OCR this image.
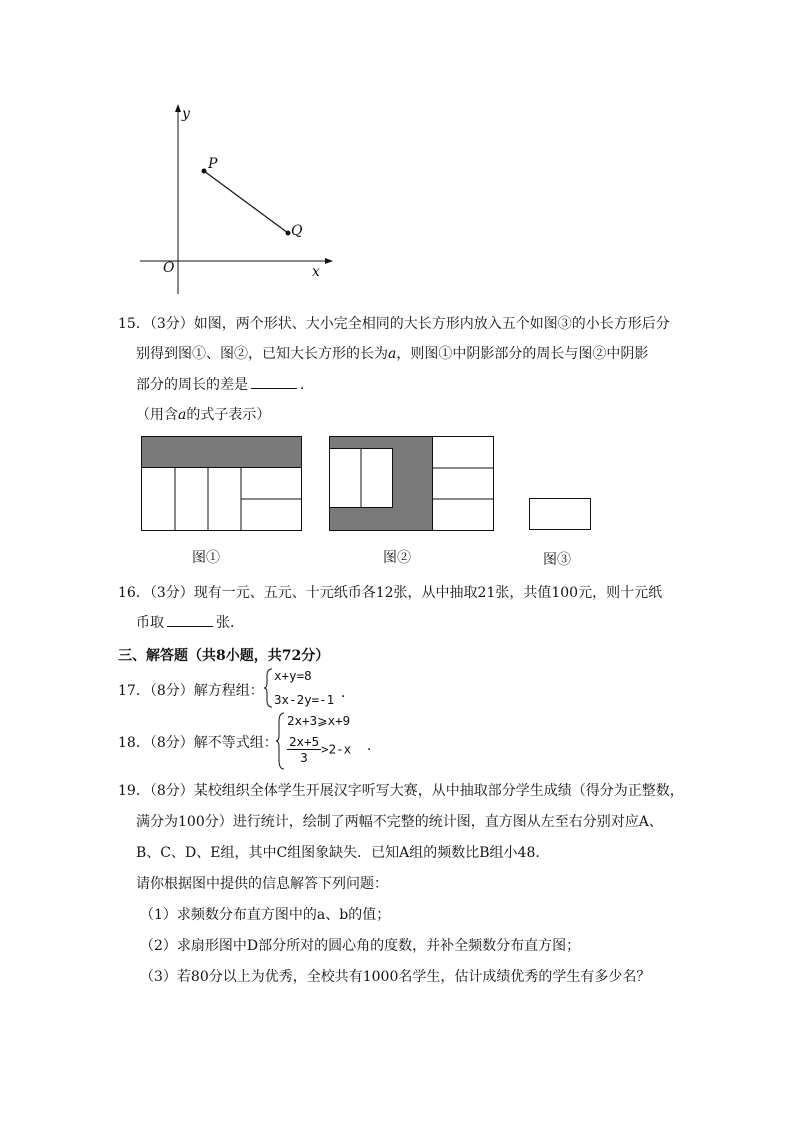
y
P
Q
O	x
15．（3分）如图，两个形状、大小完全相同的大长方形内放入五个如图③的小长方形后分
别得到图①、图②，已知大长方形的长为a，则图①中阴影部分的周长与图②中阴影
部分的周长的差是	．
（用含a的式子表示）
图①	图②	图③
16．（3分）现有一元、五元、十元纸币各12张，从中抽取21张，共值100元，则十元纸
币取	张．
三、解答题（共8小题，共72分）
17．（8分）解方程组：
x+y=8
3x-2y=-1 ．
18．（8分）解不等式组：
2x+3⩾x+9
$\frac{2x+5}{3} >2-x$ ．
19．（8分）某校组织全体学生开展汉字听写大赛，从中抽取部分学生成绩（得分为正整数，
满分为100分）进行统计，绘制了两幅不完整的统计图，直方图从左至右分别对应A、
B、C、D、E组，其中C组图象缺失．已知A组的频数比B组小48．
请你根据图中提供的信息解答下列问题：
（1）求频数分布直方图中的a、b的值；
（2）求扇形图中D部分所对的圆心角的度数，并补全频数分布直方图；
（3）若80分以上为优秀，全校共有1000名学生，估计成绩优秀的学生有多少名？
